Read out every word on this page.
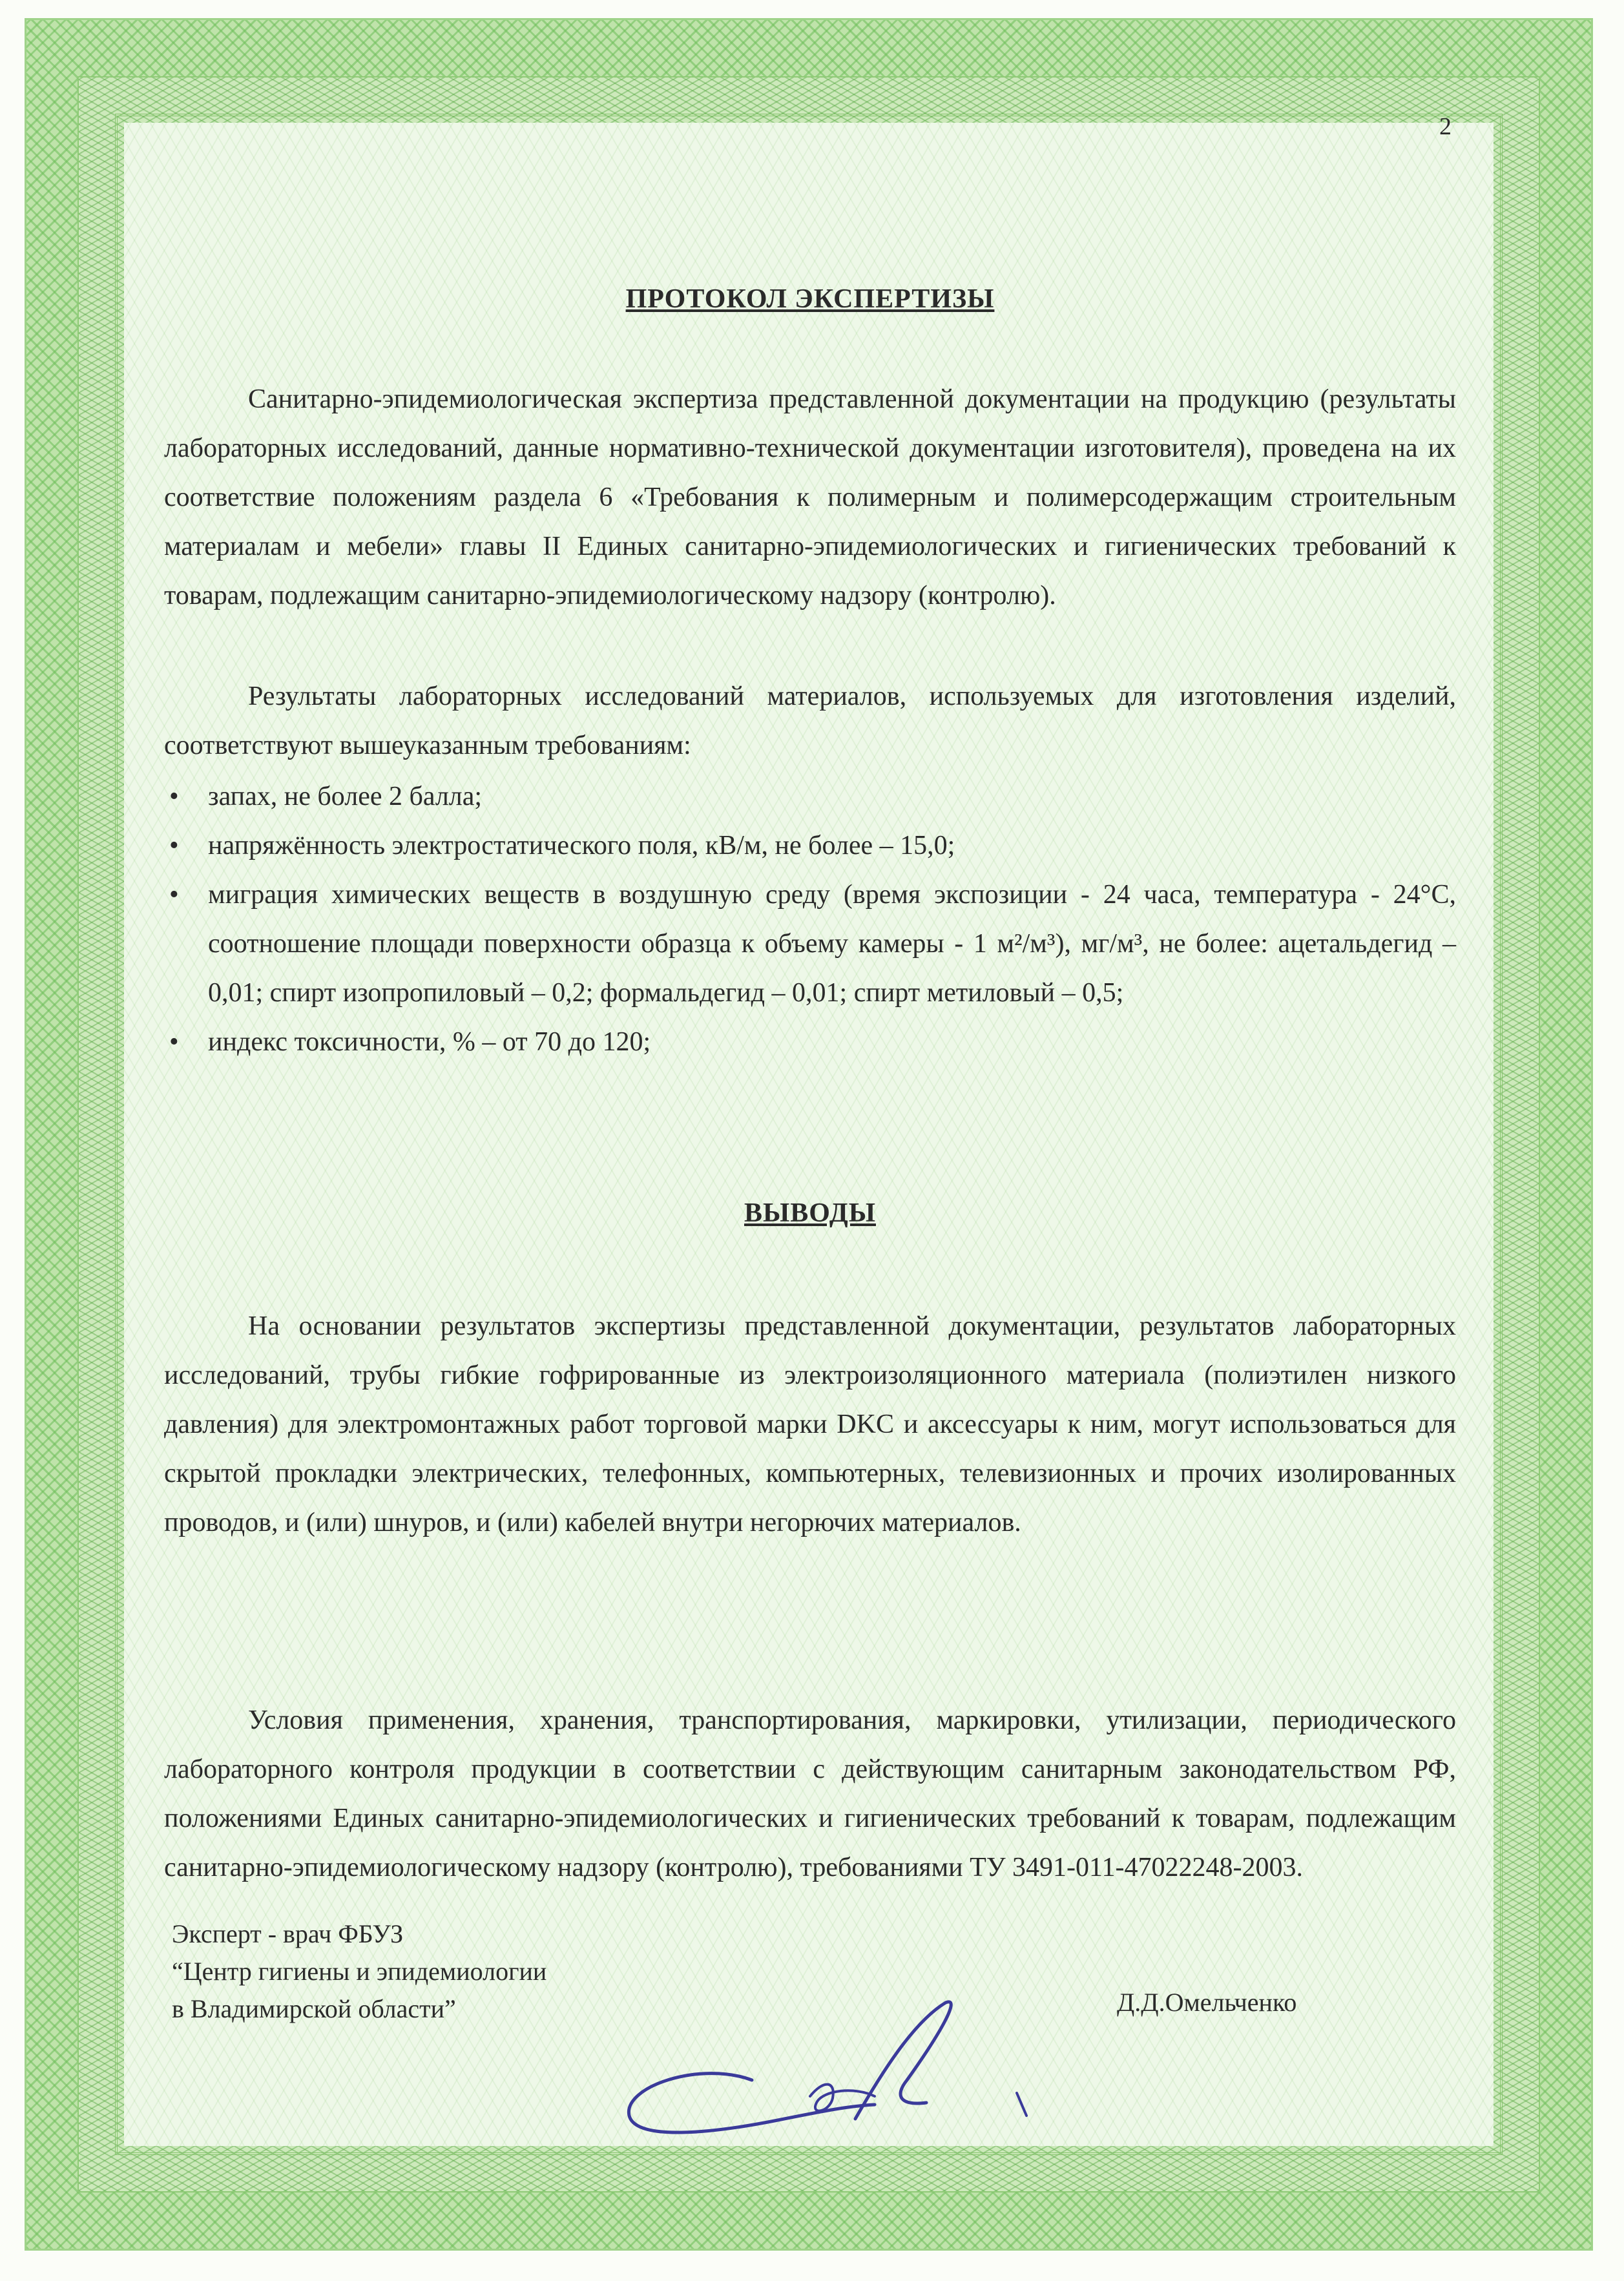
2
ПРОТОКОЛ ЭКСПЕРТИЗЫ

Санитарно-эпидемиологическая экспертиза представленной документации на продукцию (результаты лабораторных исследований, данные нормативно-технической документации изготовителя), проведена на их соответствие положениям раздела 6 «Требования к полимерным и полимерсодержащим строительным материалам и мебели» главы II Единых санитарно-эпидемиологических и гигиенических требований к товарам, подлежащим санитарно-эпидемиологическому надзору (контролю).

Результаты лабораторных исследований материалов, используемых для изготовления изделий, соответствуют вышеуказанным требованиям:

• запах, не более 2 балла;
• напряжённость электростатического поля, кВ/м, не более – 15,0;
• миграция химических веществ в воздушную среду (время экспозиции - 24 часа, температура - 24°С, соотношение площади поверхности образца к объему камеры - 1 м²/м³), мг/м³, не более: ацетальдегид – 0,01; спирт изопропиловый – 0,2; формальдегид – 0,01; спирт метиловый – 0,5;
• индекс токсичности, % – от 70 до 120;
ВЫВОДЫ

На основании результатов экспертизы представленной документации, результатов лабораторных исследований, трубы гибкие гофрированные из электроизоляционного материала (полиэтилен низкого давления) для электромонтажных работ торговой марки DKC и аксессуары к ним, могут использоваться для скрытой прокладки электрических, телефонных, компьютерных, телевизионных и прочих изолированных проводов, и (или) шнуров, и (или) кабелей внутри негорючих материалов.

Условия применения, хранения, транспортирования, маркировки, утилизации, периодического лабораторного контроля продукции в соответствии с действующим санитарным законодательством РФ, положениями Единых санитарно-эпидемиологических и гигиенических требований к товарам, подлежащим санитарно-эпидемиологическому надзору (контролю), требованиями ТУ 3491-011-47022248-2003.

Эксперт - врач ФБУЗ
“Центр гигиены и эпидемиологии
в Владимирской области”	Д.Д.Омельченко
